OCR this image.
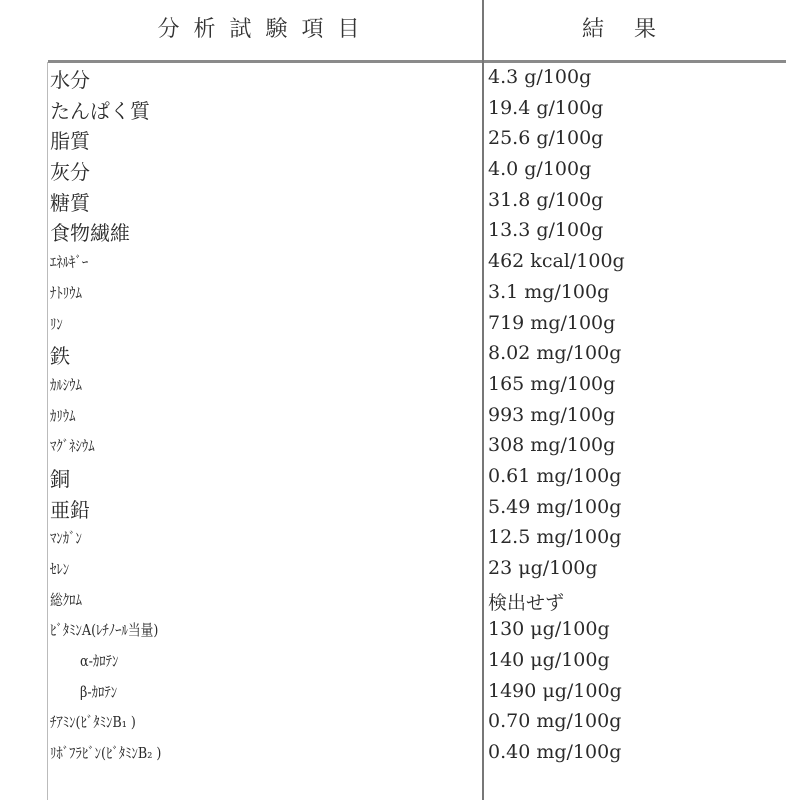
分析試験項目	結果
水分	4.3 g/100g
たんぱく質	19.4 g/100g
脂質	25.6 g/100g
灰分	4.0 g/100g
糖質	31.8 g/100g
食物繊維	13.3 g/100g
ｴﾈﾙｷﾞｰ	462 kcal/100g
ﾅﾄﾘｳﾑ	3.1 mg/100g
ﾘﾝ	719 mg/100g
鉄	8.02 mg/100g
ｶﾙｼｳﾑ	165 mg/100g
ｶﾘｳﾑ	993 mg/100g
ﾏｸﾞﾈｼｳﾑ	308 mg/100g
銅	0.61 mg/100g
亜鉛	5.49 mg/100g
ﾏﾝｶﾞﾝ	12.5 mg/100g
ｾﾚﾝ	23 μg/100g
総ｸﾛﾑ	検出せず
ﾋﾞﾀﾐﾝA(ﾚﾁﾉｰﾙ当量)	130 μg/100g
α-ｶﾛﾃﾝ	140 μg/100g
β-ｶﾛﾃﾝ	1490 μg/100g
ﾁｱﾐﾝ(ﾋﾞﾀﾐﾝB₁ )	0.70 mg/100g
ﾘﾎﾞﾌﾗﾋﾞﾝ(ﾋﾞﾀﾐﾝB₂ )	0.40 mg/100g
